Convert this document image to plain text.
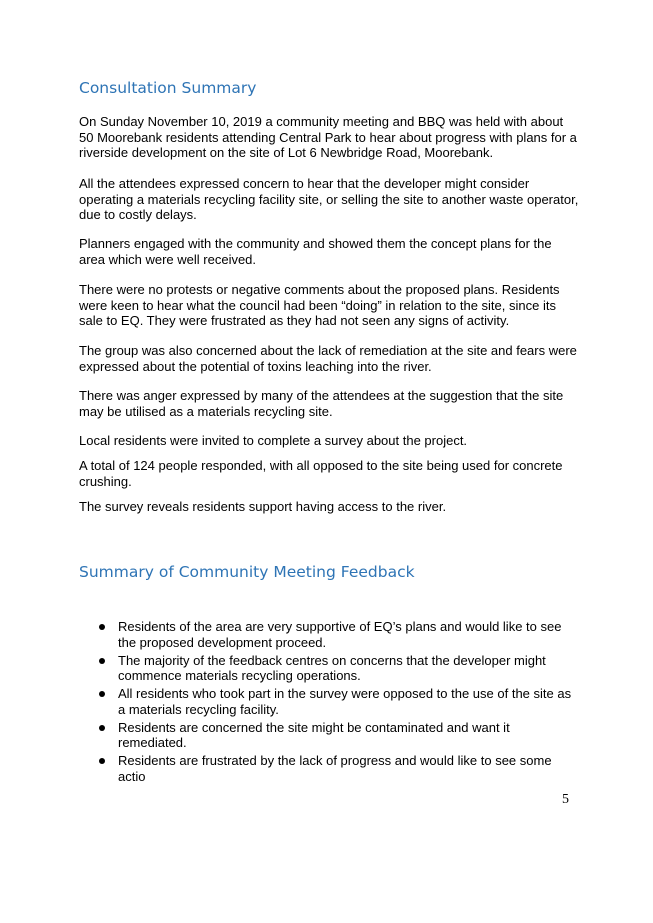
Consultation Summary

On Sunday November 10, 2019 a community meeting and BBQ was held with about 50 Moorebank residents attending Central Park to hear about progress with plans for a riverside development on the site of Lot 6 Newbridge Road, Moorebank.

All the attendees expressed concern to hear that the developer might consider operating a materials recycling facility site, or selling the site to another waste operator, due to costly delays.

Planners engaged with the community and showed them the concept plans for the area which were well received.

There were no protests or negative comments about the proposed plans. Residents were keen to hear what the council had been “doing” in relation to the site, since its sale to EQ. They were frustrated as they had not seen any signs of activity.

The group was also concerned about the lack of remediation at the site and fears were expressed about the potential of toxins leaching into the river.

There was anger expressed by many of the attendees at the suggestion that the site may be utilised as a materials recycling site.

Local residents were invited to complete a survey about the project.

A total of 124 people responded, with all opposed to the site being used for concrete crushing.

The survey reveals residents support having access to the river.

Summary of Community Meeting Feedback
Residents of the area are very supportive of EQ’s plans and would like to see the proposed development proceed.
The majority of the feedback centres on concerns that the developer might commence materials recycling operations.
All residents who took part in the survey were opposed to the use of the site as a materials recycling facility.
Residents are concerned the site might be contaminated and want it remediated.
Residents are frustrated by the lack of progress and would like to see some actio
5
